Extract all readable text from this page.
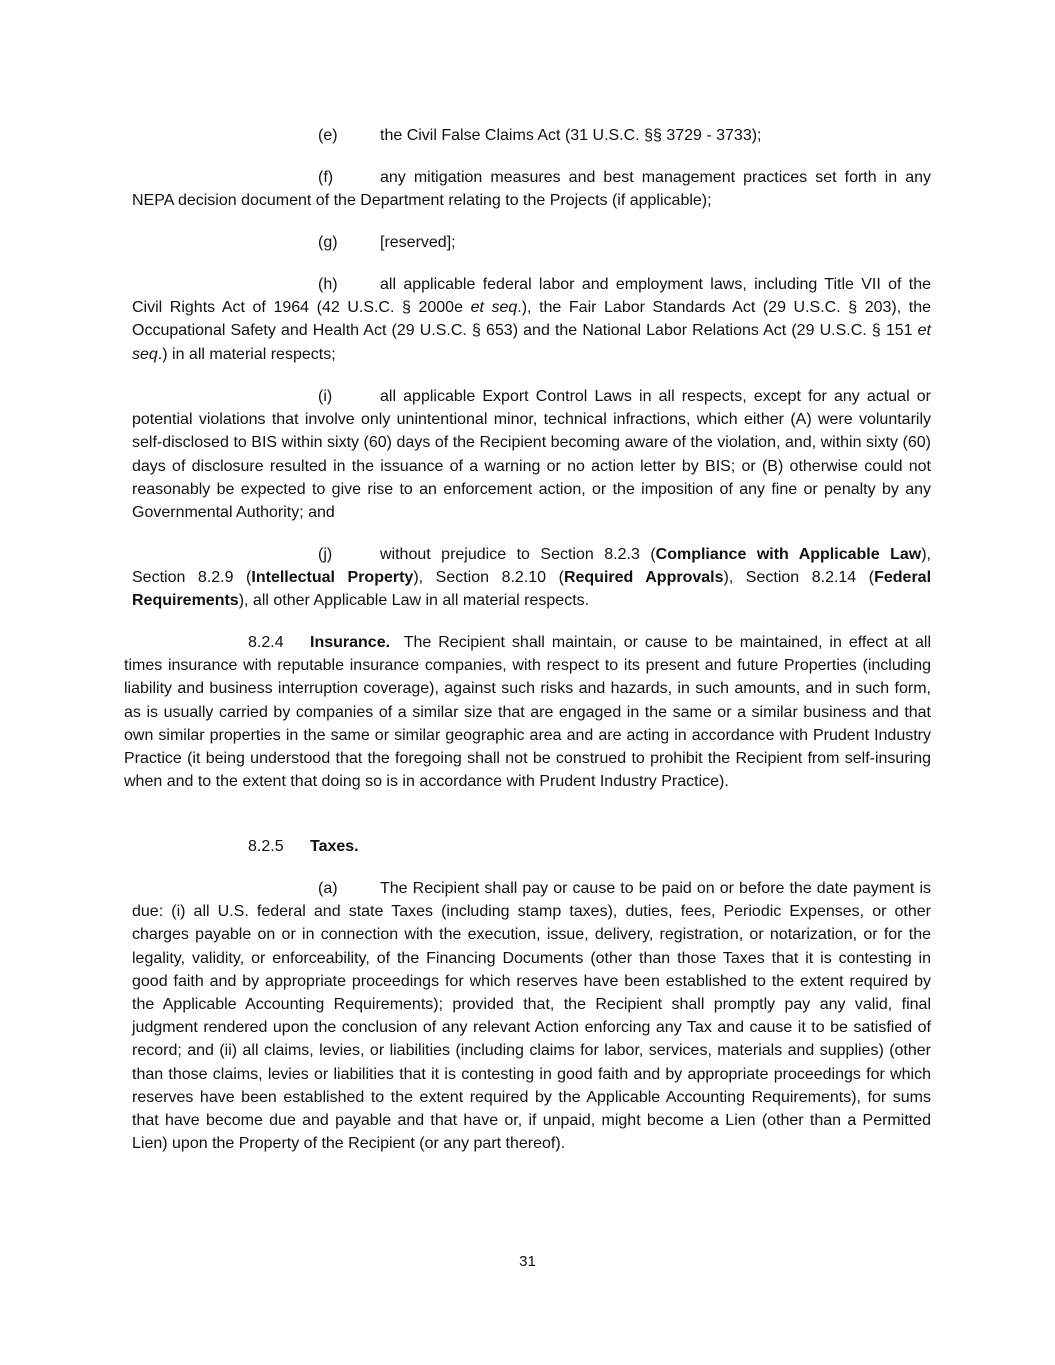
(e)	the Civil False Claims Act (31 U.S.C. §§ 3729 - 3733);
(f)	any mitigation measures and best management practices set forth in any NEPA decision document of the Department relating to the Projects (if applicable);
(g)	[reserved];
(h)	all applicable federal labor and employment laws, including Title VII of the Civil Rights Act of 1964 (42 U.S.C. § 2000e et seq.), the Fair Labor Standards Act (29 U.S.C. § 203), the Occupational Safety and Health Act (29 U.S.C. § 653) and the National Labor Relations Act (29 U.S.C. § 151 et seq.) in all material respects;
(i)	all applicable Export Control Laws in all respects, except for any actual or potential violations that involve only unintentional minor, technical infractions, which either (A) were voluntarily self-disclosed to BIS within sixty (60) days of the Recipient becoming aware of the violation, and, within sixty (60) days of disclosure resulted in the issuance of a warning or no action letter by BIS; or (B) otherwise could not reasonably be expected to give rise to an enforcement action, or the imposition of any fine or penalty by any Governmental Authority; and
(j)	without prejudice to Section 8.2.3 (Compliance with Applicable Law), Section 8.2.9 (Intellectual Property), Section 8.2.10 (Required Approvals), Section 8.2.14 (Federal Requirements), all other Applicable Law in all material respects.
8.2.4 Insurance. The Recipient shall maintain, or cause to be maintained, in effect at all times insurance with reputable insurance companies, with respect to its present and future Properties (including liability and business interruption coverage), against such risks and hazards, in such amounts, and in such form, as is usually carried by companies of a similar size that are engaged in the same or a similar business and that own similar properties in the same or similar geographic area and are acting in accordance with Prudent Industry Practice (it being understood that the foregoing shall not be construed to prohibit the Recipient from self-insuring when and to the extent that doing so is in accordance with Prudent Industry Practice).
8.2.5 Taxes.
(a)	The Recipient shall pay or cause to be paid on or before the date payment is due: (i) all U.S. federal and state Taxes (including stamp taxes), duties, fees, Periodic Expenses, or other charges payable on or in connection with the execution, issue, delivery, registration, or notarization, or for the legality, validity, or enforceability, of the Financing Documents (other than those Taxes that it is contesting in good faith and by appropriate proceedings for which reserves have been established to the extent required by the Applicable Accounting Requirements); provided that, the Recipient shall promptly pay any valid, final judgment rendered upon the conclusion of any relevant Action enforcing any Tax and cause it to be satisfied of record; and (ii) all claims, levies, or liabilities (including claims for labor, services, materials and supplies) (other than those claims, levies or liabilities that it is contesting in good faith and by appropriate proceedings for which reserves have been established to the extent required by the Applicable Accounting Requirements), for sums that have become due and payable and that have or, if unpaid, might become a Lien (other than a Permitted Lien) upon the Property of the Recipient (or any part thereof).
31
